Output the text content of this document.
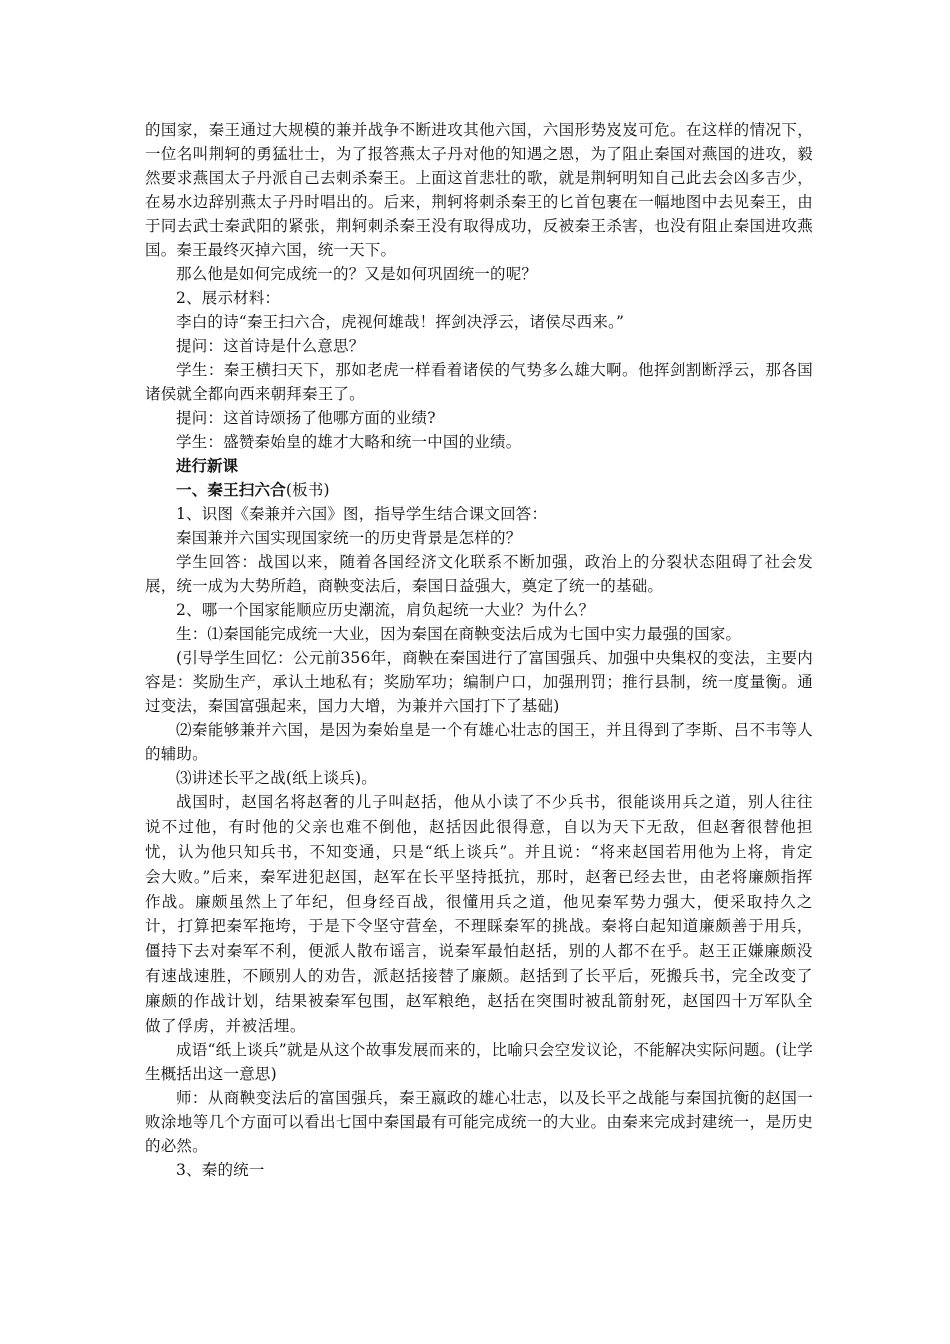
的国家，秦王通过大规模的兼并战争不断进攻其他六国，六国形势岌岌可危。在这样的情况下，一位名叫荆轲的勇猛壮士，为了报答燕太子丹对他的知遇之恩，为了阻止秦国对燕国的进攻，毅然要求燕国太子丹派自己去刺杀秦王。上面这首悲壮的歌，就是荆轲明知自己此去会凶多吉少，在易水边辞别燕太子丹时唱出的。后来，荆轲将刺杀秦王的匕首包裹在一幅地图中去见秦王，由于同去武士秦武阳的紧张，荆轲刺杀秦王没有取得成功，反被秦王杀害，也没有阻止秦国进攻燕国。秦王最终灭掉六国，统一天下。

那么他是如何完成统一的？又是如何巩固统一的呢？

2、展示材料：

李白的诗“秦王扫六合，虎视何雄哉！挥剑决浮云，诸侯尽西来。”

提问：这首诗是什么意思？

学生：秦王横扫天下，那如老虎一样看着诸侯的气势多么雄大啊。他挥剑割断浮云，那各国诸侯就全都向西来朝拜秦王了。

提问：这首诗颂扬了他哪方面的业绩?

学生：盛赞秦始皇的雄才大略和统一中国的业绩。

进行新课

一、秦王扫六合(板书)

1、识图《秦兼并六国》图，指导学生结合课文回答：

秦国兼并六国实现国家统一的历史背景是怎样的？

学生回答：战国以来，随着各国经济文化联系不断加强，政治上的分裂状态阻碍了社会发展，统一成为大势所趋，商鞅变法后，秦国日益强大，奠定了统一的基础。

2、哪一个国家能顺应历史潮流，肩负起统一大业？为什么？

生：⑴秦国能完成统一大业，因为秦国在商鞅变法后成为七国中实力最强的国家。

(引导学生回忆：公元前356年，商鞅在秦国进行了富国强兵、加强中央集权的变法，主要内容是：奖励生产，承认土地私有；奖励军功；编制户口，加强刑罚；推行县制，统一度量衡。通过变法，秦国富强起来，国力大增，为兼并六国打下了基础)

⑵秦能够兼并六国，是因为秦始皇是一个有雄心壮志的国王，并且得到了李斯、吕不韦等人的辅助。

⑶讲述长平之战(纸上谈兵)。

战国时，赵国名将赵奢的儿子叫赵括，他从小读了不少兵书，很能谈用兵之道，别人往往说不过他，有时他的父亲也难不倒他，赵括因此很得意，自以为天下无敌，但赵奢很替他担忧，认为他只知兵书，不知变通，只是“纸上谈兵”。并且说：“将来赵国若用他为上将，肯定会大败。”后来，秦军进犯赵国，赵军在长平坚持抵抗，那时，赵奢已经去世，由老将廉颇指挥作战。廉颇虽然上了年纪，但身经百战，很懂用兵之道，他见秦军势力强大，便采取持久之计，打算把秦军拖垮，于是下令坚守营垒，不理睬秦军的挑战。秦将白起知道廉颇善于用兵，僵持下去对秦军不利，便派人散布谣言，说秦军最怕赵括，别的人都不在乎。赵王正嫌廉颇没有速战速胜，不顾别人的劝告，派赵括接替了廉颇。赵括到了长平后，死搬兵书，完全改变了廉颇的作战计划，结果被秦军包围，赵军粮绝，赵括在突围时被乱箭射死，赵国四十万军队全做了俘虏，并被活埋。

成语“纸上谈兵”就是从这个故事发展而来的，比喻只会空发议论，不能解决实际问题。(让学生概括出这一意思)

师：从商鞅变法后的富国强兵，秦王嬴政的雄心壮志，以及长平之战能与秦国抗衡的赵国一败涂地等几个方面可以看出七国中秦国最有可能完成统一的大业。由秦来完成封建统一，是历史的必然。

3、秦的统一
